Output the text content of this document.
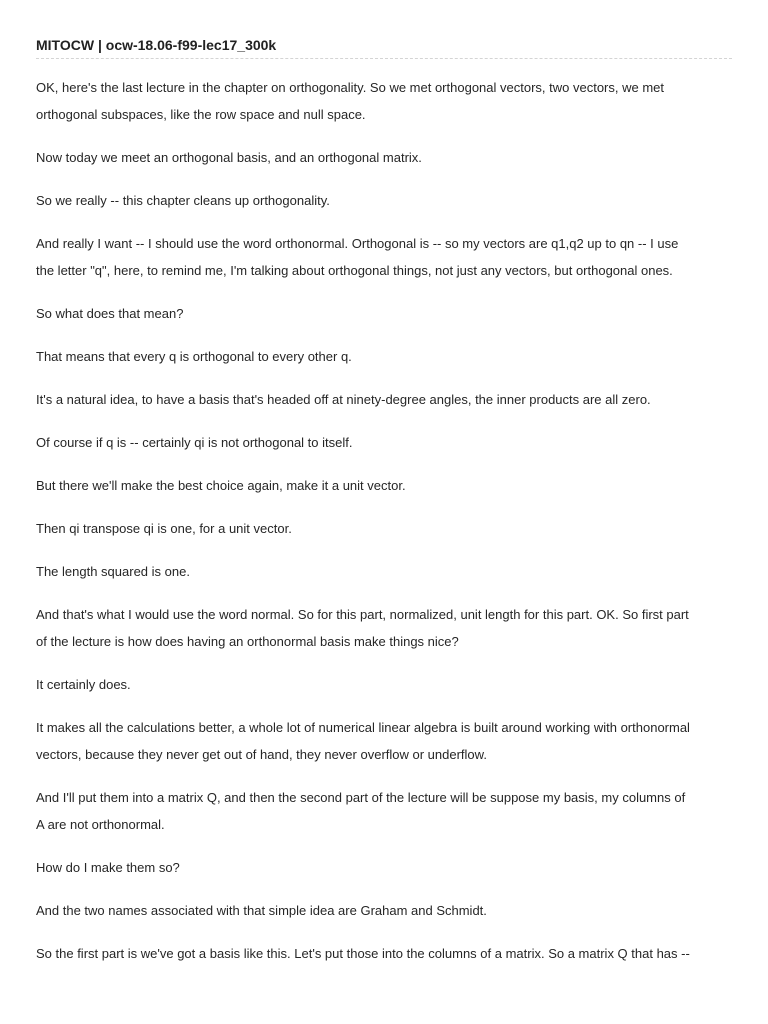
MITOCW | ocw-18.06-f99-lec17_300k

OK, here's the last lecture in the chapter on orthogonality. So we met orthogonal vectors, two vectors, we met
orthogonal subspaces, like the row space and null space.

Now today we meet an orthogonal basis, and an orthogonal matrix.

So we really -- this chapter cleans up orthogonality.

And really I want -- I should use the word orthonormal. Orthogonal is -- so my vectors are q1,q2 up to qn -- I use
the letter "q", here, to remind me, I'm talking about orthogonal things, not just any vectors, but orthogonal ones.

So what does that mean?

That means that every q is orthogonal to every other q.

It's a natural idea, to have a basis that's headed off at ninety-degree angles, the inner products are all zero.

Of course if q is -- certainly qi is not orthogonal to itself.

But there we'll make the best choice again, make it a unit vector.

Then qi transpose qi is one, for a unit vector.

The length squared is one.

And that's what I would use the word normal. So for this part, normalized, unit length for this part. OK. So first part
of the lecture is how does having an orthonormal basis make things nice?

It certainly does.

It makes all the calculations better, a whole lot of numerical linear algebra is built around working with orthonormal
vectors, because they never get out of hand, they never overflow or underflow.

And I'll put them into a matrix Q, and then the second part of the lecture will be suppose my basis, my columns of
A are not orthonormal.

How do I make them so?

And the two names associated with that simple idea are Graham and Schmidt.

So the first part is we've got a basis like this. Let's put those into the columns of a matrix. So a matrix Q that has --
